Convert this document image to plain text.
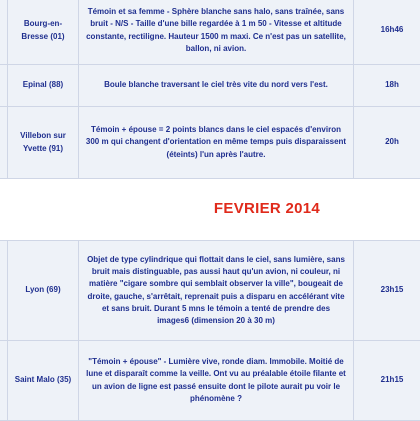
	Bourg-en-Bresse (01)	Témoin et sa femme - Sphère blanche sans halo, sans traînée, sans bruit - N/S - Taille d'une bille regardée à 1 m 50 - Vitesse et altitude constante, rectiligne. Hauteur 1500 m maxi. Ce n'est pas un satellite, ballon, ni avion.	16h46	
	Epinal (88)	Boule blanche traversant le ciel très vite du nord vers l'est.	18h	
	Villebon sur Yvette (91)	Témoin + épouse = 2 points blancs dans le ciel espacés d'environ 300 m qui changent d'orientation en même temps puis disparaissent (éteints) l'un après l'autre.	20h	
FEVRIER 2014				
	Lyon (69)	Objet de type cylindrique qui flottait dans le ciel, sans lumière, sans bruit mais distinguable, pas aussi haut qu'un avion, ni couleur, ni matière "cigare sombre qui semblait observer la ville", bougeait de droite, gauche, s'arrêtait, reprenait puis a disparu en accélérant vite et sans bruit. Durant 5 mns le témoin a tenté de prendre des images6 (dimension 20 à 30 m)	23h15	
	Saint Malo (35)	"Témoin + épouse" - Lumière vive, ronde diam. Immobile. Moitié de lune et disparaît comme la veille. Ont vu au préalable étoile filante et un avion de ligne est passé ensuite dont le pilote aurait pu voir le phénomène ?	21h15	
